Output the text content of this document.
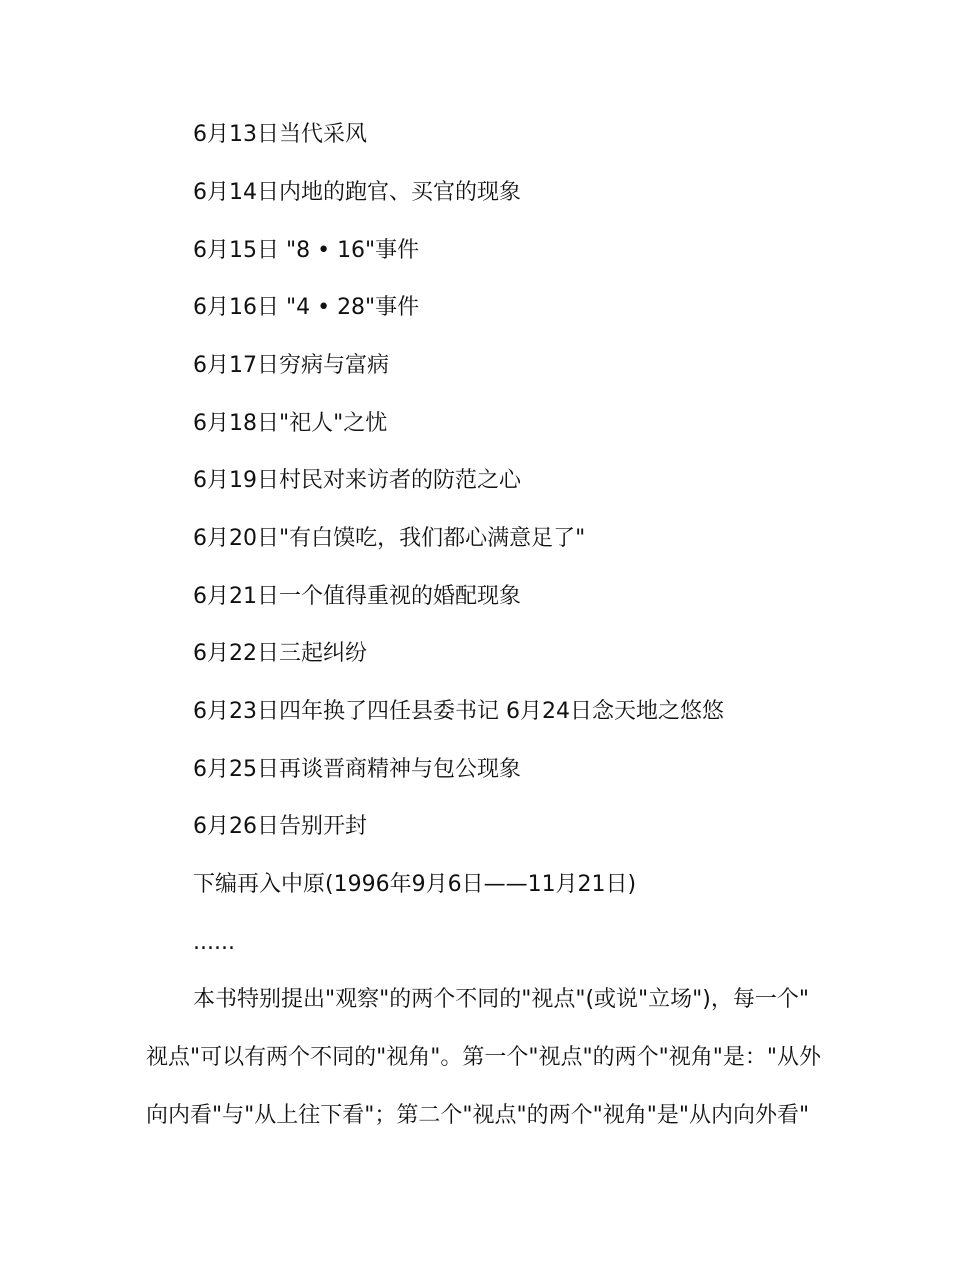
6月13日当代采风

6月14日内地的跑官、买官的现象

6月15日 "8 • 16"事件

6月16日 "4 • 28"事件

6月17日穷病与富病

6月18日"祀人"之忧

6月19日村民对来访者的防范之心

6月20日"有白馍吃，我们都心满意足了"

6月21日一个值得重视的婚配现象

6月22日三起纠纷

6月23日四年换了四任县委书记 6月24日念天地之悠悠

6月25日再谈晋商精神与包公现象

6月26日告别开封

下编再入中原(1996年9月6日——11月21日)

......

本书特别提出"观察"的两个不同的"视点"(或说"立场")，每一个"

视点"可以有两个不同的"视角"。第一个"视点"的两个"视角"是："从外

向内看"与"从上往下看"；第二个"视点"的两个"视角"是"从内向外看"
